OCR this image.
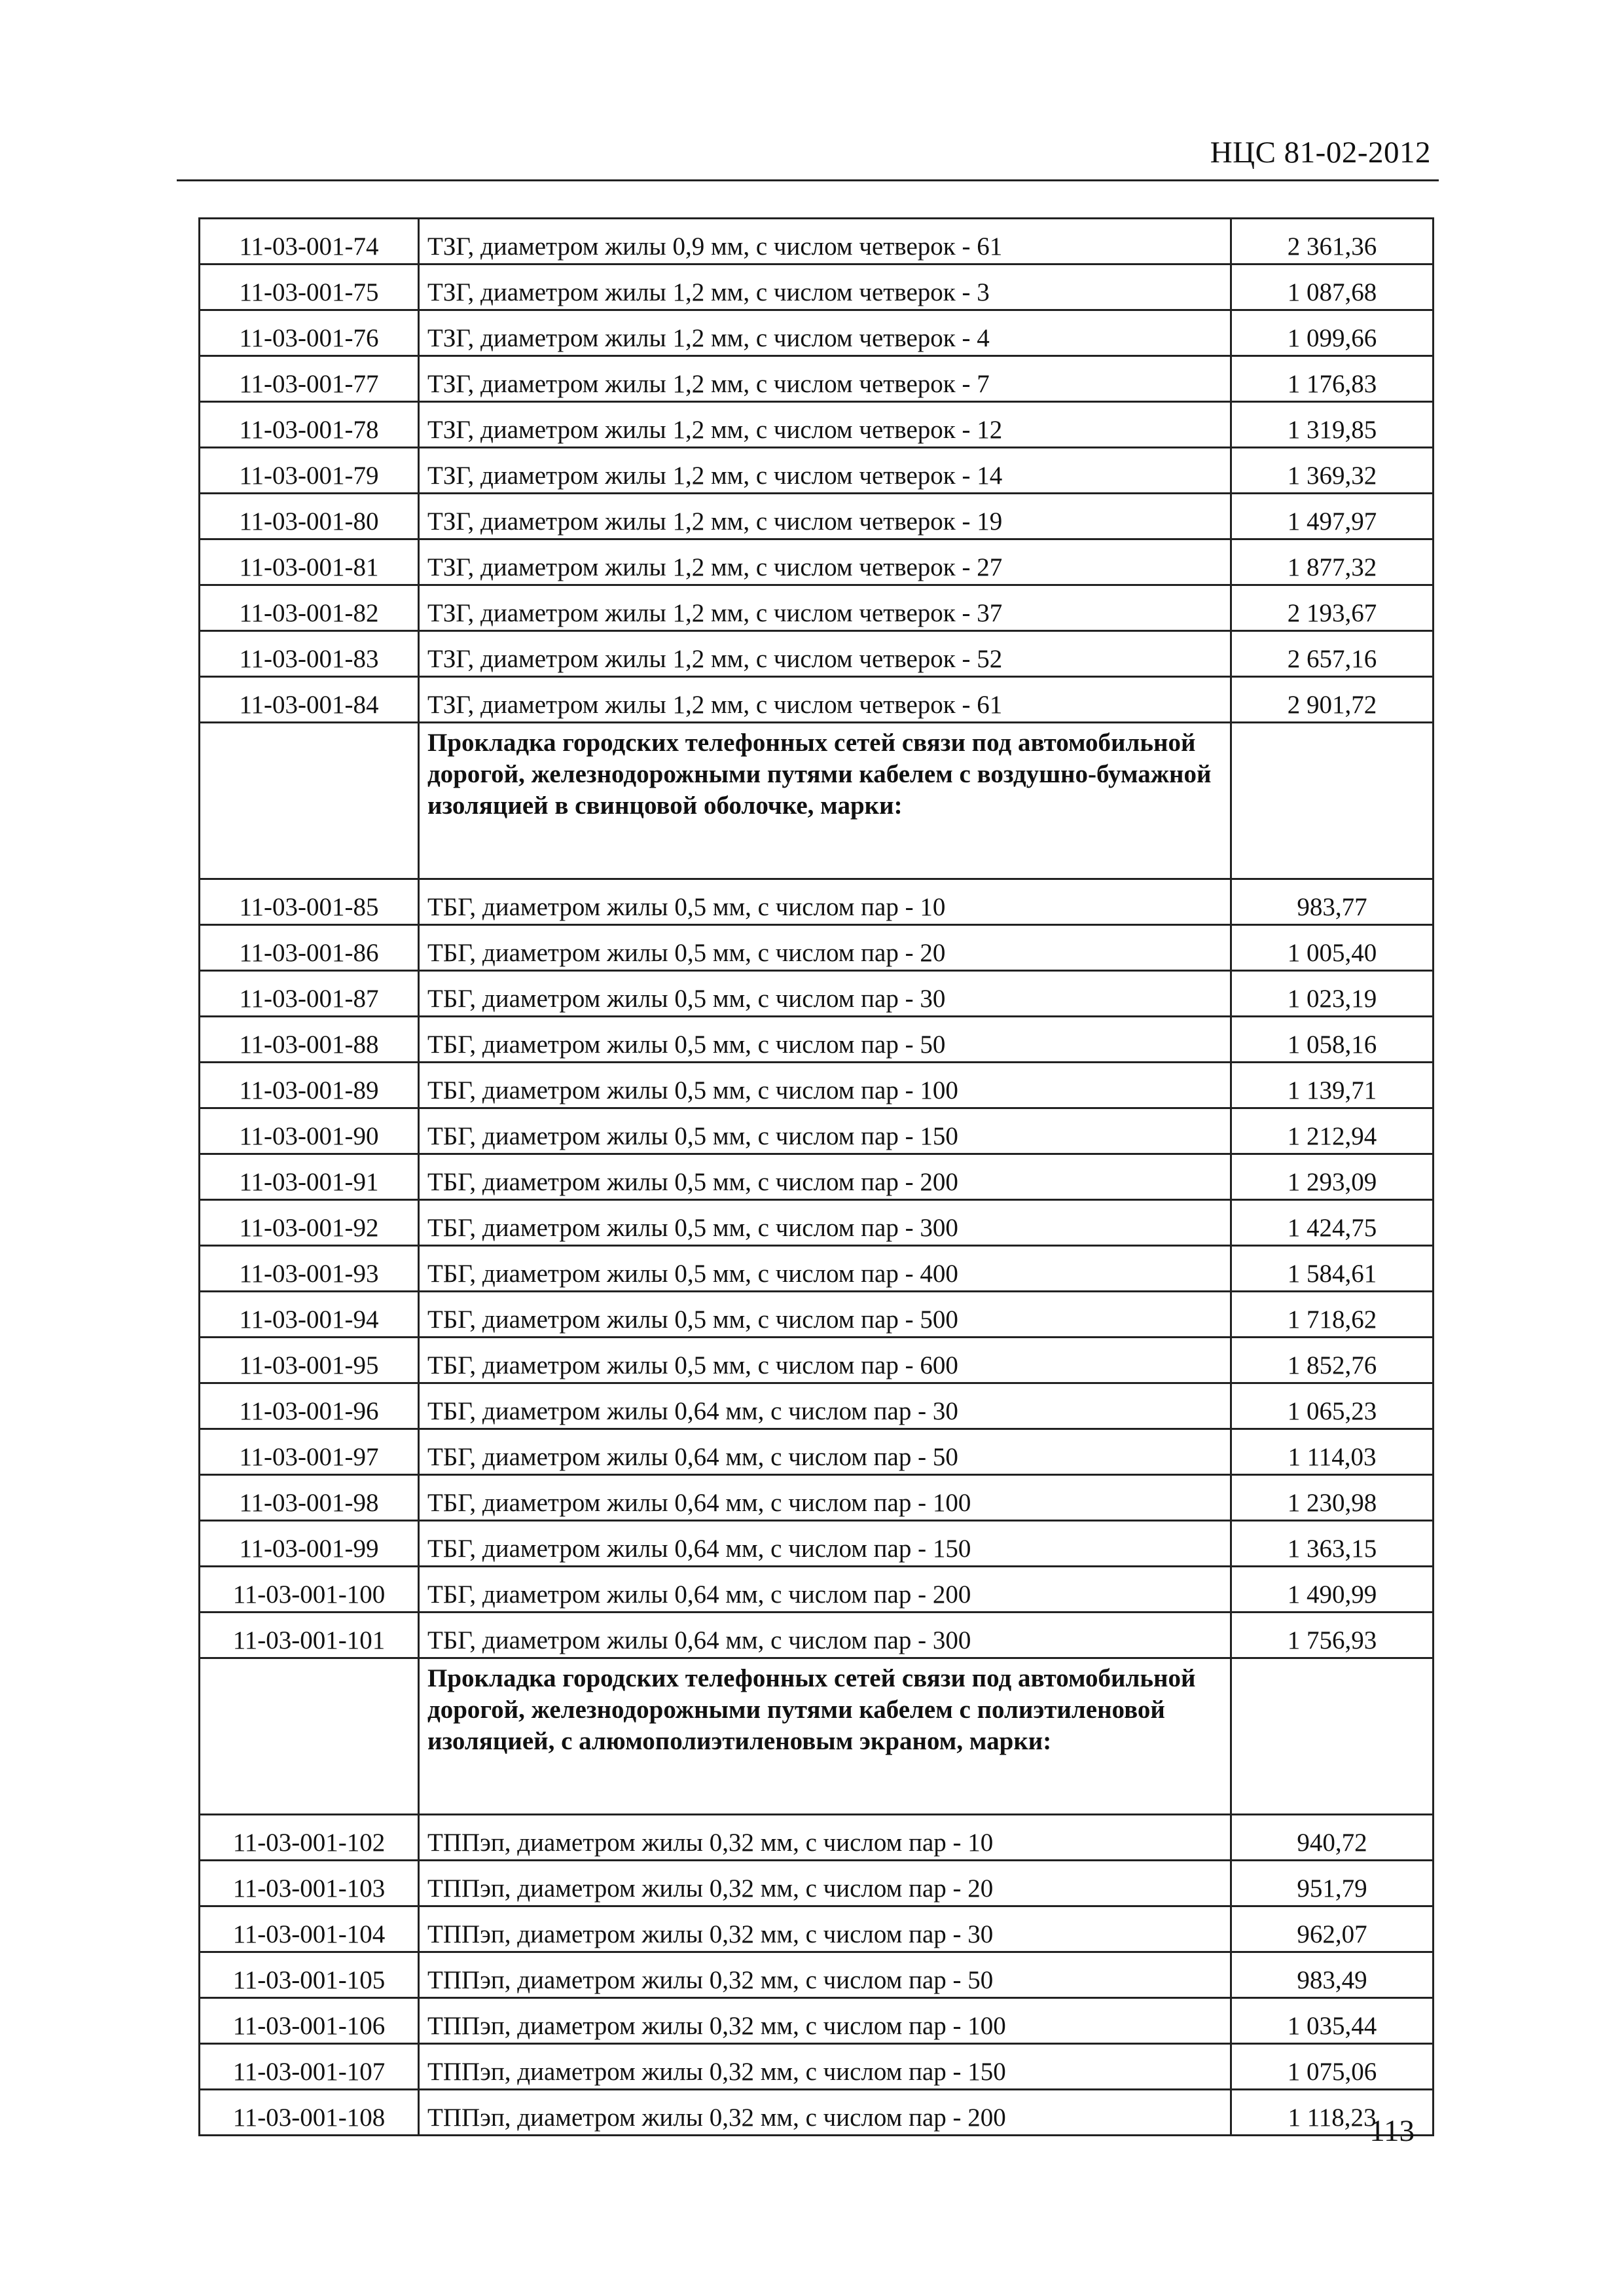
НЦС 81-02-2012
11-03-001-74	ТЗГ, диаметром жилы 0,9 мм, с числом четверок - 61	2 361,36
11-03-001-75	ТЗГ, диаметром жилы 1,2 мм, с числом четверок - 3	1 087,68
11-03-001-76	ТЗГ, диаметром жилы 1,2 мм, с числом четверок - 4	1 099,66
11-03-001-77	ТЗГ, диаметром жилы 1,2 мм, с числом четверок - 7	1 176,83
11-03-001-78	ТЗГ, диаметром жилы 1,2 мм, с числом четверок - 12	1 319,85
11-03-001-79	ТЗГ, диаметром жилы 1,2 мм, с числом четверок - 14	1 369,32
11-03-001-80	ТЗГ, диаметром жилы 1,2 мм, с числом четверок - 19	1 497,97
11-03-001-81	ТЗГ, диаметром жилы 1,2 мм, с числом четверок - 27	1 877,32
11-03-001-82	ТЗГ, диаметром жилы 1,2 мм, с числом четверок - 37	2 193,67
11-03-001-83	ТЗГ, диаметром жилы 1,2 мм, с числом четверок - 52	2 657,16
11-03-001-84	ТЗГ, диаметром жилы 1,2 мм, с числом четверок - 61	2 901,72
	Прокладка городских телефонных сетей связи под автомобильной дорогой, железнодорожными путями кабелем с воздушно-бумажной изоляцией в свинцовой оболочке, марки:	
11-03-001-85	ТБГ, диаметром жилы 0,5 мм, с числом пар - 10	983,77
11-03-001-86	ТБГ, диаметром жилы 0,5 мм, с числом пар - 20	1 005,40
11-03-001-87	ТБГ, диаметром жилы 0,5 мм, с числом пар - 30	1 023,19
11-03-001-88	ТБГ, диаметром жилы 0,5 мм, с числом пар - 50	1 058,16
11-03-001-89	ТБГ, диаметром жилы 0,5 мм, с числом пар - 100	1 139,71
11-03-001-90	ТБГ, диаметром жилы 0,5 мм, с числом пар - 150	1 212,94
11-03-001-91	ТБГ, диаметром жилы 0,5 мм, с числом пар - 200	1 293,09
11-03-001-92	ТБГ, диаметром жилы 0,5 мм, с числом пар - 300	1 424,75
11-03-001-93	ТБГ, диаметром жилы 0,5 мм, с числом пар - 400	1 584,61
11-03-001-94	ТБГ, диаметром жилы 0,5 мм, с числом пар - 500	1 718,62
11-03-001-95	ТБГ, диаметром жилы 0,5 мм, с числом пар - 600	1 852,76
11-03-001-96	ТБГ, диаметром жилы 0,64 мм, с числом пар - 30	1 065,23
11-03-001-97	ТБГ, диаметром жилы 0,64 мм, с числом пар - 50	1 114,03
11-03-001-98	ТБГ, диаметром жилы 0,64 мм, с числом пар - 100	1 230,98
11-03-001-99	ТБГ, диаметром жилы 0,64 мм, с числом пар - 150	1 363,15
11-03-001-100	ТБГ, диаметром жилы 0,64 мм, с числом пар - 200	1 490,99
11-03-001-101	ТБГ, диаметром жилы 0,64 мм, с числом пар - 300	1 756,93
	Прокладка городских телефонных сетей связи под автомобильной дорогой, железнодорожными путями кабелем с полиэтиленовой изоляцией, с алюмополиэтиленовым экраном, марки:	
11-03-001-102	ТППэп, диаметром жилы 0,32 мм, с числом пар - 10	940,72
11-03-001-103	ТППэп, диаметром жилы 0,32 мм, с числом пар - 20	951,79
11-03-001-104	ТППэп, диаметром жилы 0,32 мм, с числом пар - 30	962,07
11-03-001-105	ТППэп, диаметром жилы 0,32 мм, с числом пар - 50	983,49
11-03-001-106	ТППэп, диаметром жилы 0,32 мм, с числом пар - 100	1 035,44
11-03-001-107	ТППэп, диаметром жилы 0,32 мм, с числом пар - 150	1 075,06
11-03-001-108	ТППэп, диаметром жилы 0,32 мм, с числом пар - 200	1 118,23
113
